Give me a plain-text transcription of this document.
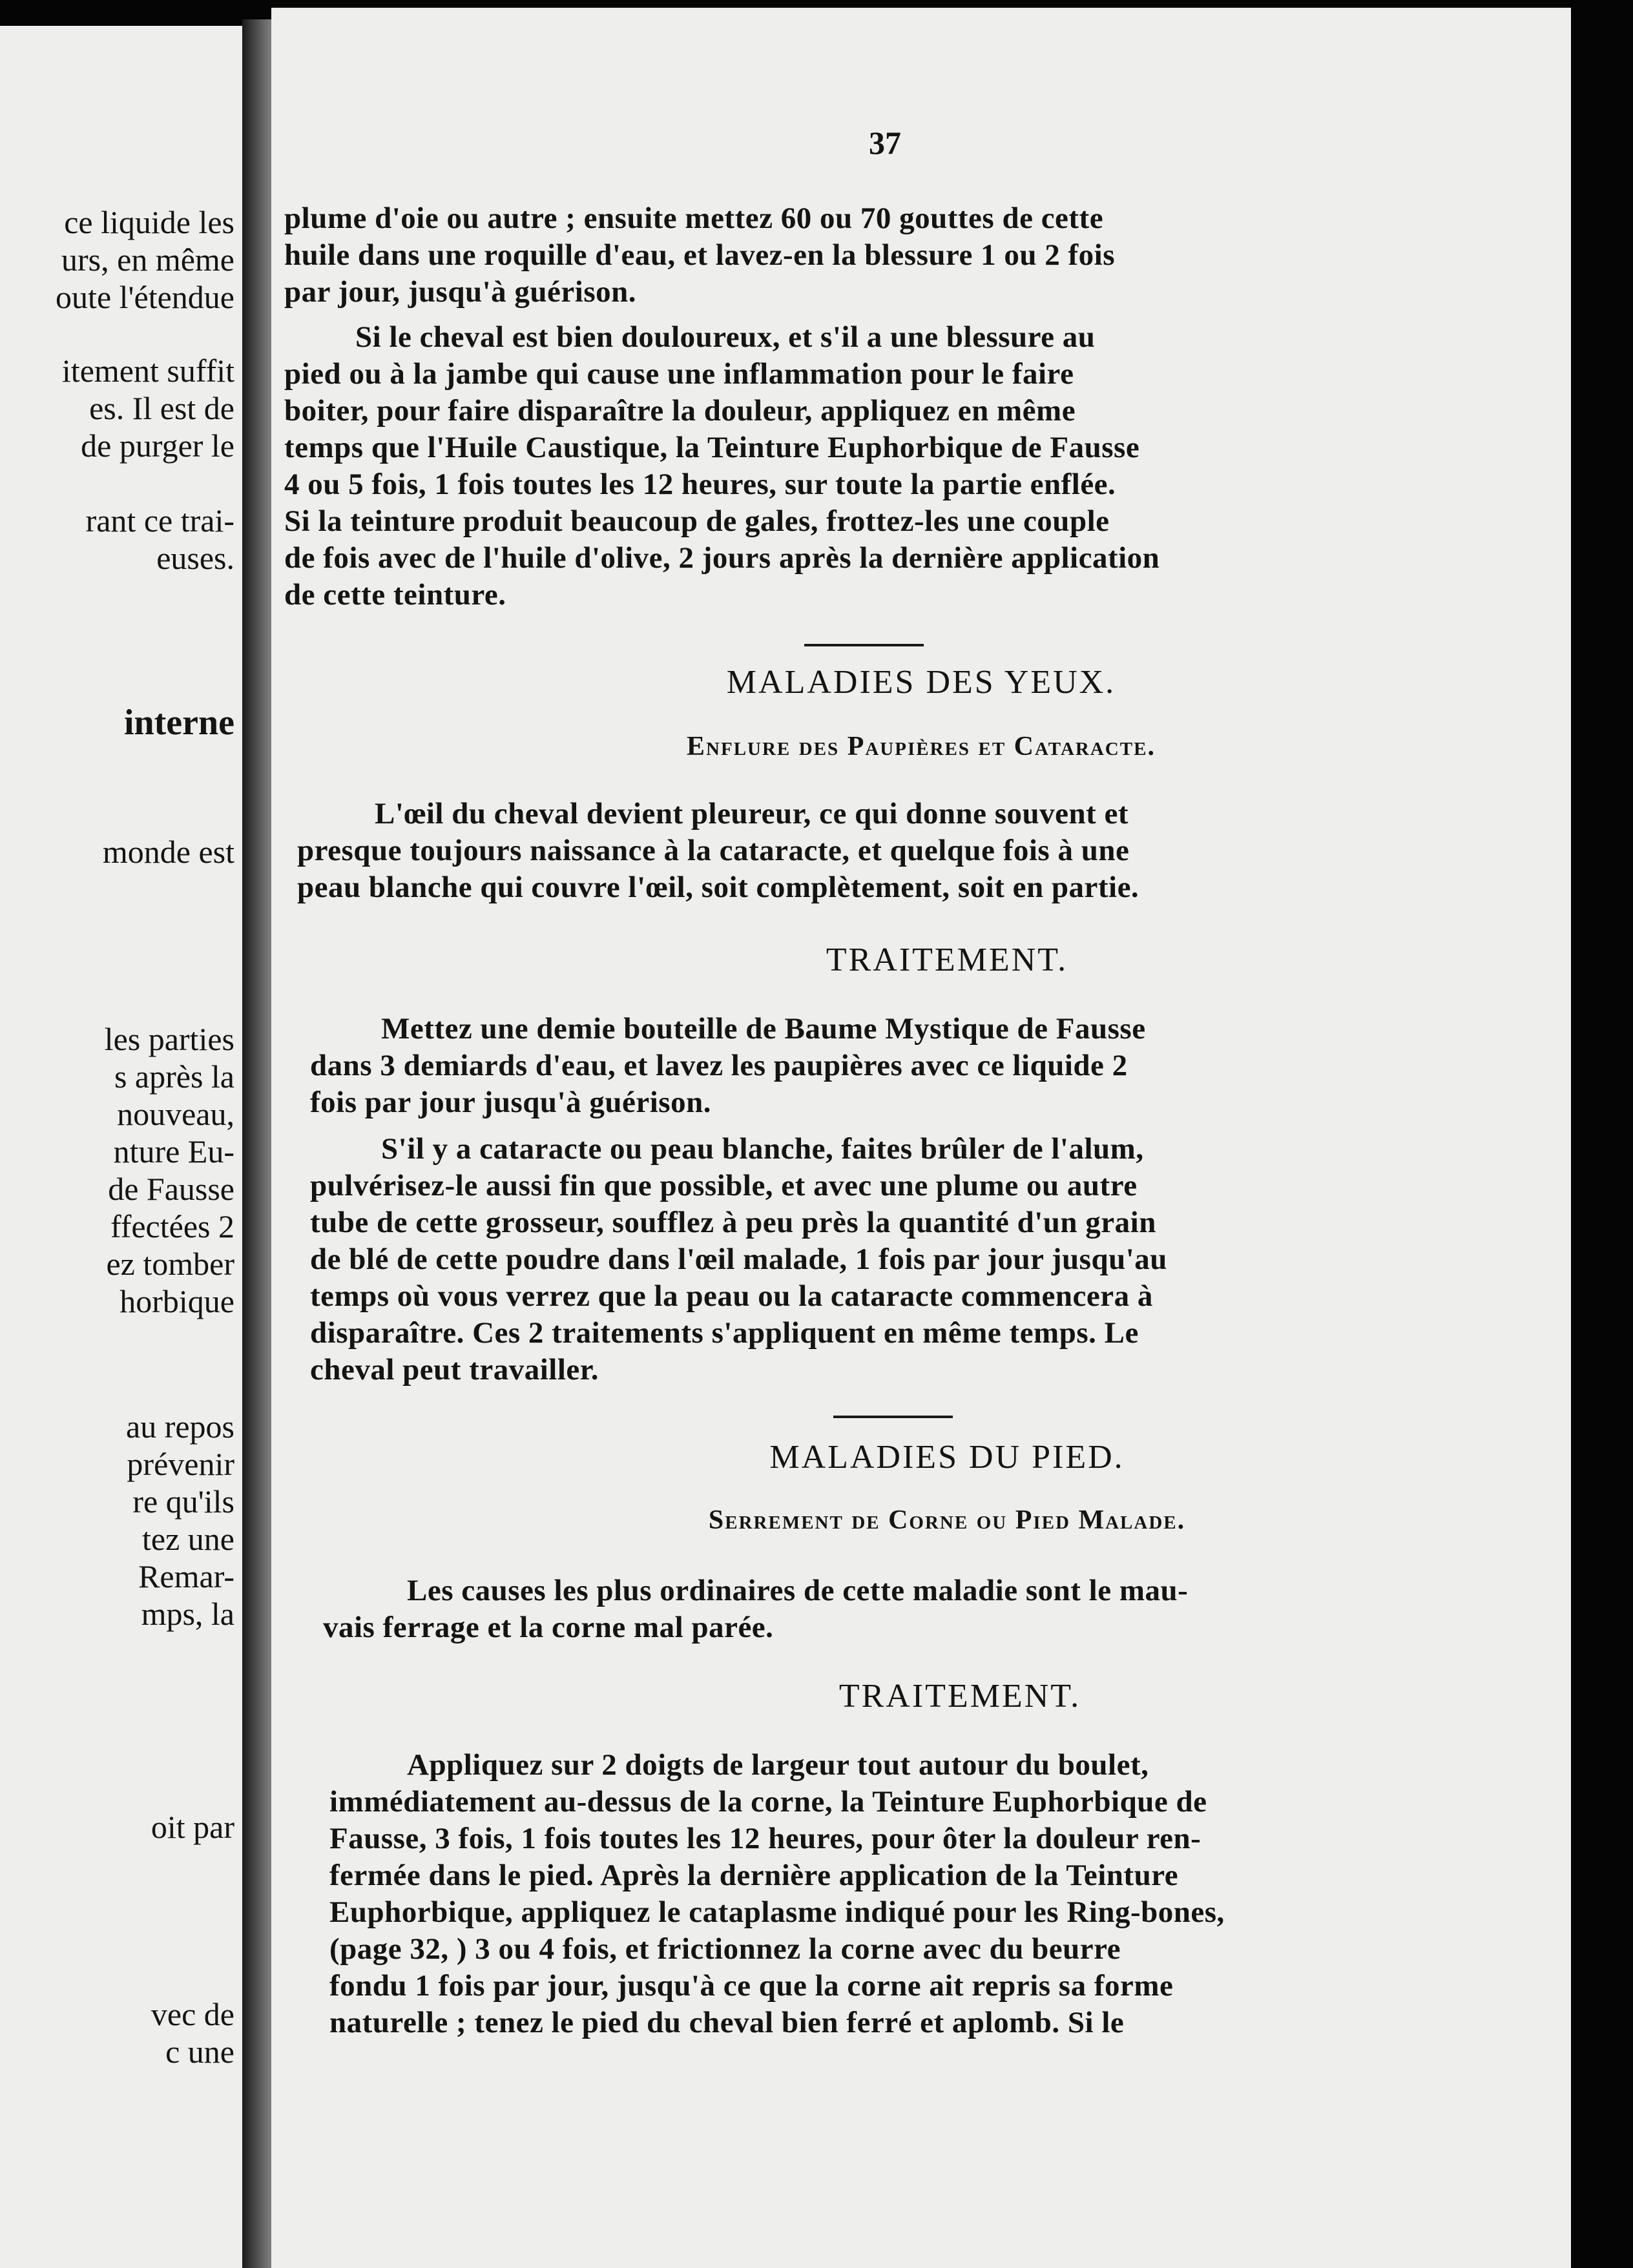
ce liquide les
urs, en même
oute l'étendue
itement suffit
es. Il est de
de purger le
rant ce trai-
euses.
interne
monde est
les parties
s après la
nouveau,
nture Eu-
de Fausse
ffectées 2
ez tomber
horbique
au repos
prévenir
re qu'ils
tez une
Remar-
mps, la
oit par
vec de
c une
37
plume d'oie ou autre ; ensuite mettez 60 ou 70 gouttes de cette
huile dans une roquille d'eau, et lavez-en la blessure 1 ou 2 fois
par jour, jusqu'à guérison.
Si le cheval est bien douloureux, et s'il a une blessure au
pied ou à la jambe qui cause une inflammation pour le faire
boiter, pour faire disparaître la douleur, appliquez en même
temps que l'Huile Caustique, la Teinture Euphorbique de Fausse
4 ou 5 fois, 1 fois toutes les 12 heures, sur toute la partie enflée.
Si la teinture produit beaucoup de gales, frottez-les une couple
de fois avec de l'huile d'olive, 2 jours après la dernière application
de cette teinture.
MALADIES DES YEUX.
Enflure des Paupières et Cataracte.
L'œil du cheval devient pleureur, ce qui donne souvent et
presque toujours naissance à la cataracte, et quelque fois à une
peau blanche qui couvre l'œil, soit complètement, soit en partie.
TRAITEMENT.
Mettez une demie bouteille de Baume Mystique de Fausse
dans 3 demiards d'eau, et lavez les paupières avec ce liquide 2
fois par jour jusqu'à guérison.
S'il y a cataracte ou peau blanche, faites brûler de l'alum,
pulvérisez-le aussi fin que possible, et avec une plume ou autre
tube de cette grosseur, soufflez à peu près la quantité d'un grain
de blé de cette poudre dans l'œil malade, 1 fois par jour jusqu'au
temps où vous verrez que la peau ou la cataracte commencera à
disparaître. Ces 2 traitements s'appliquent en même temps. Le
cheval peut travailler.
MALADIES DU PIED.
Serrement de Corne ou Pied Malade.
Les causes les plus ordinaires de cette maladie sont le mau-
vais ferrage et la corne mal parée.
TRAITEMENT.
Appliquez sur 2 doigts de largeur tout autour du boulet,
immédiatement au-dessus de la corne, la Teinture Euphorbique de
Fausse, 3 fois, 1 fois toutes les 12 heures, pour ôter la douleur ren-
fermée dans le pied. Après la dernière application de la Teinture
Euphorbique, appliquez le cataplasme indiqué pour les Ring-bones,
(page 32, ) 3 ou 4 fois, et frictionnez la corne avec du beurre
fondu 1 fois par jour, jusqu'à ce que la corne ait repris sa forme
naturelle ; tenez le pied du cheval bien ferré et aplomb. Si le
